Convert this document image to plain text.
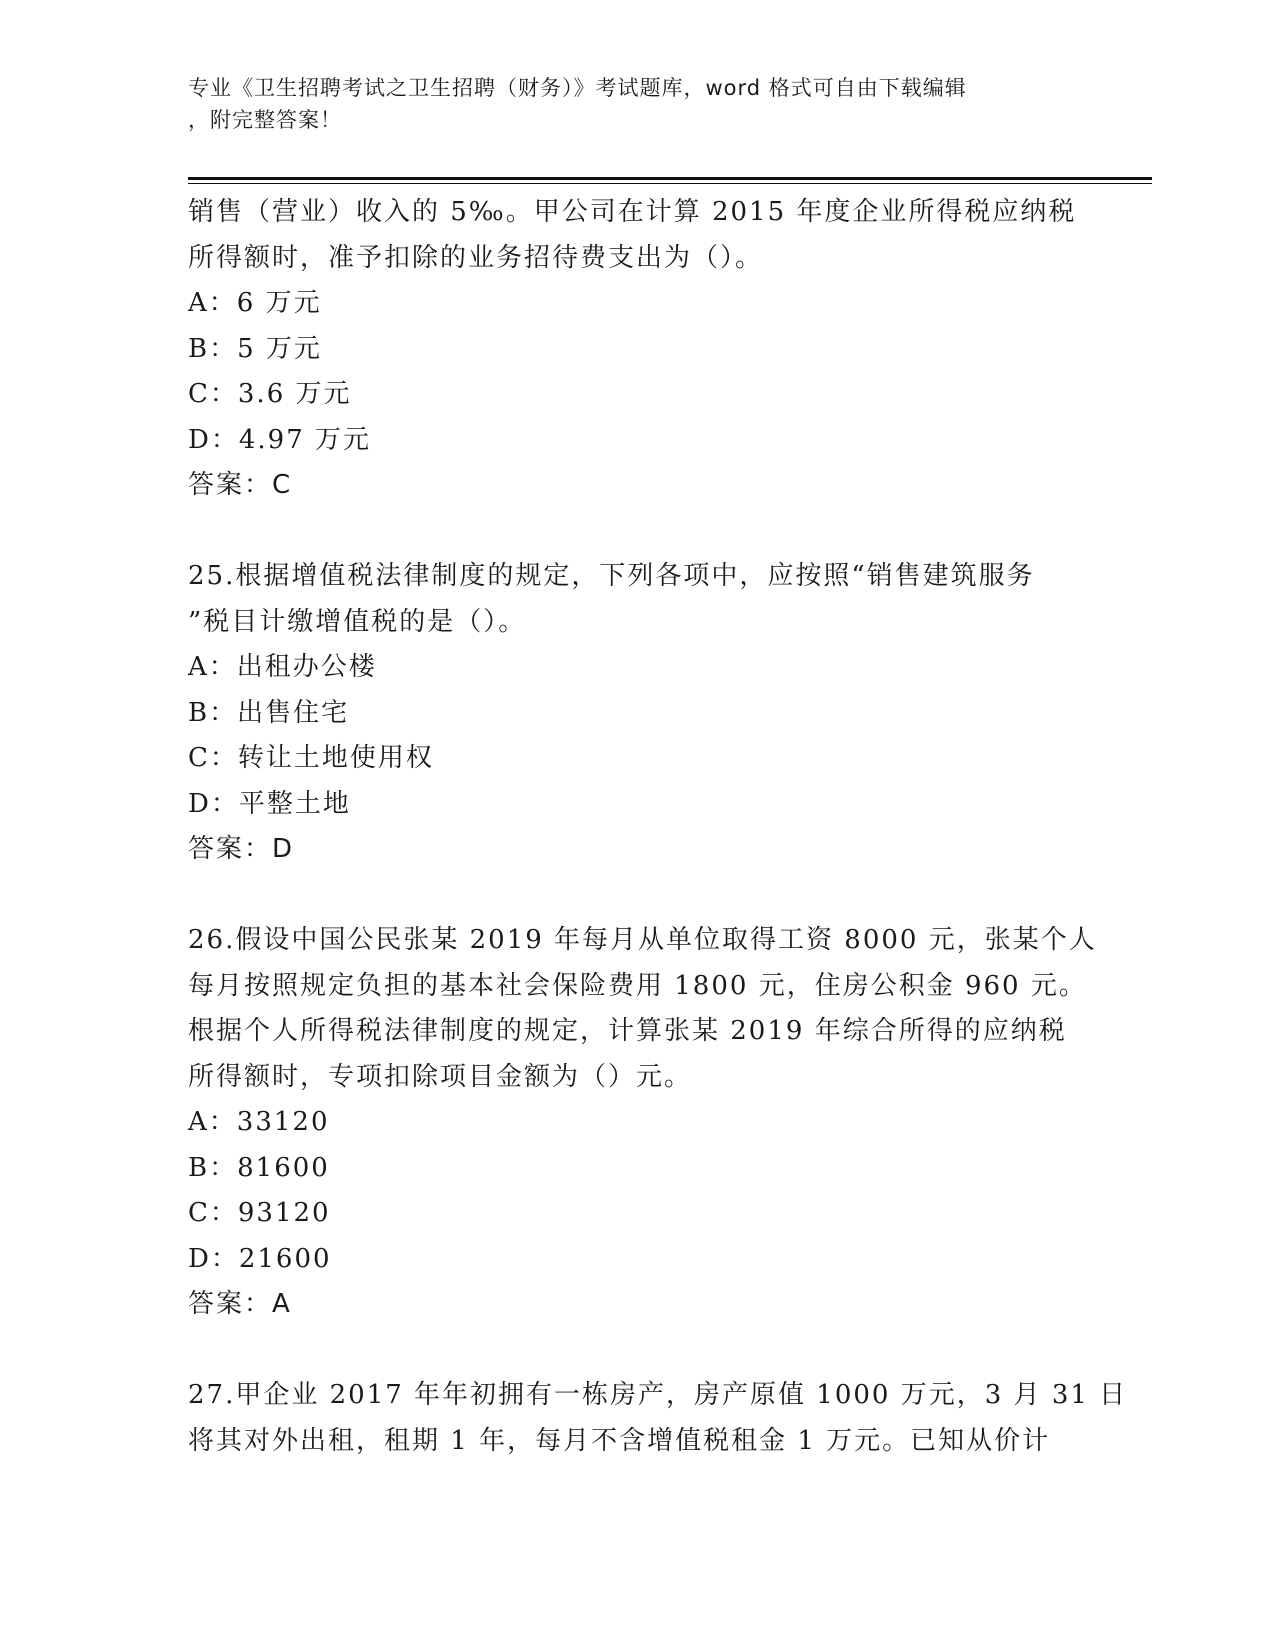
专业《卫生招聘考试之卫生招聘（财务）》考试题库，word 格式可自由下载编辑
，附完整答案！
销售（营业）收入的 5‰。甲公司在计算 2015 年度企业所得税应纳税
所得额时，准予扣除的业务招待费支出为（）。
A：6 万元
B：5 万元
C：3.6 万元
D：4.97 万元
答案：C
25.根据增值税法律制度的规定，下列各项中，应按照“销售建筑服务
”税目计缴增值税的是（）。
A：出租办公楼
B：出售住宅
C：转让土地使用权
D：平整土地
答案：D
26.假设中国公民张某 2019 年每月从单位取得工资 8000 元，张某个人
每月按照规定负担的基本社会保险费用 1800 元，住房公积金 960 元。
根据个人所得税法律制度的规定，计算张某 2019 年综合所得的应纳税
所得额时，专项扣除项目金额为（）元。
A：33120
B：81600
C：93120
D：21600
答案：A
27.甲企业 2017 年年初拥有一栋房产，房产原值 1000 万元，3 月 31 日
将其对外出租，租期 1 年，每月不含增值税租金 1 万元。已知从价计
